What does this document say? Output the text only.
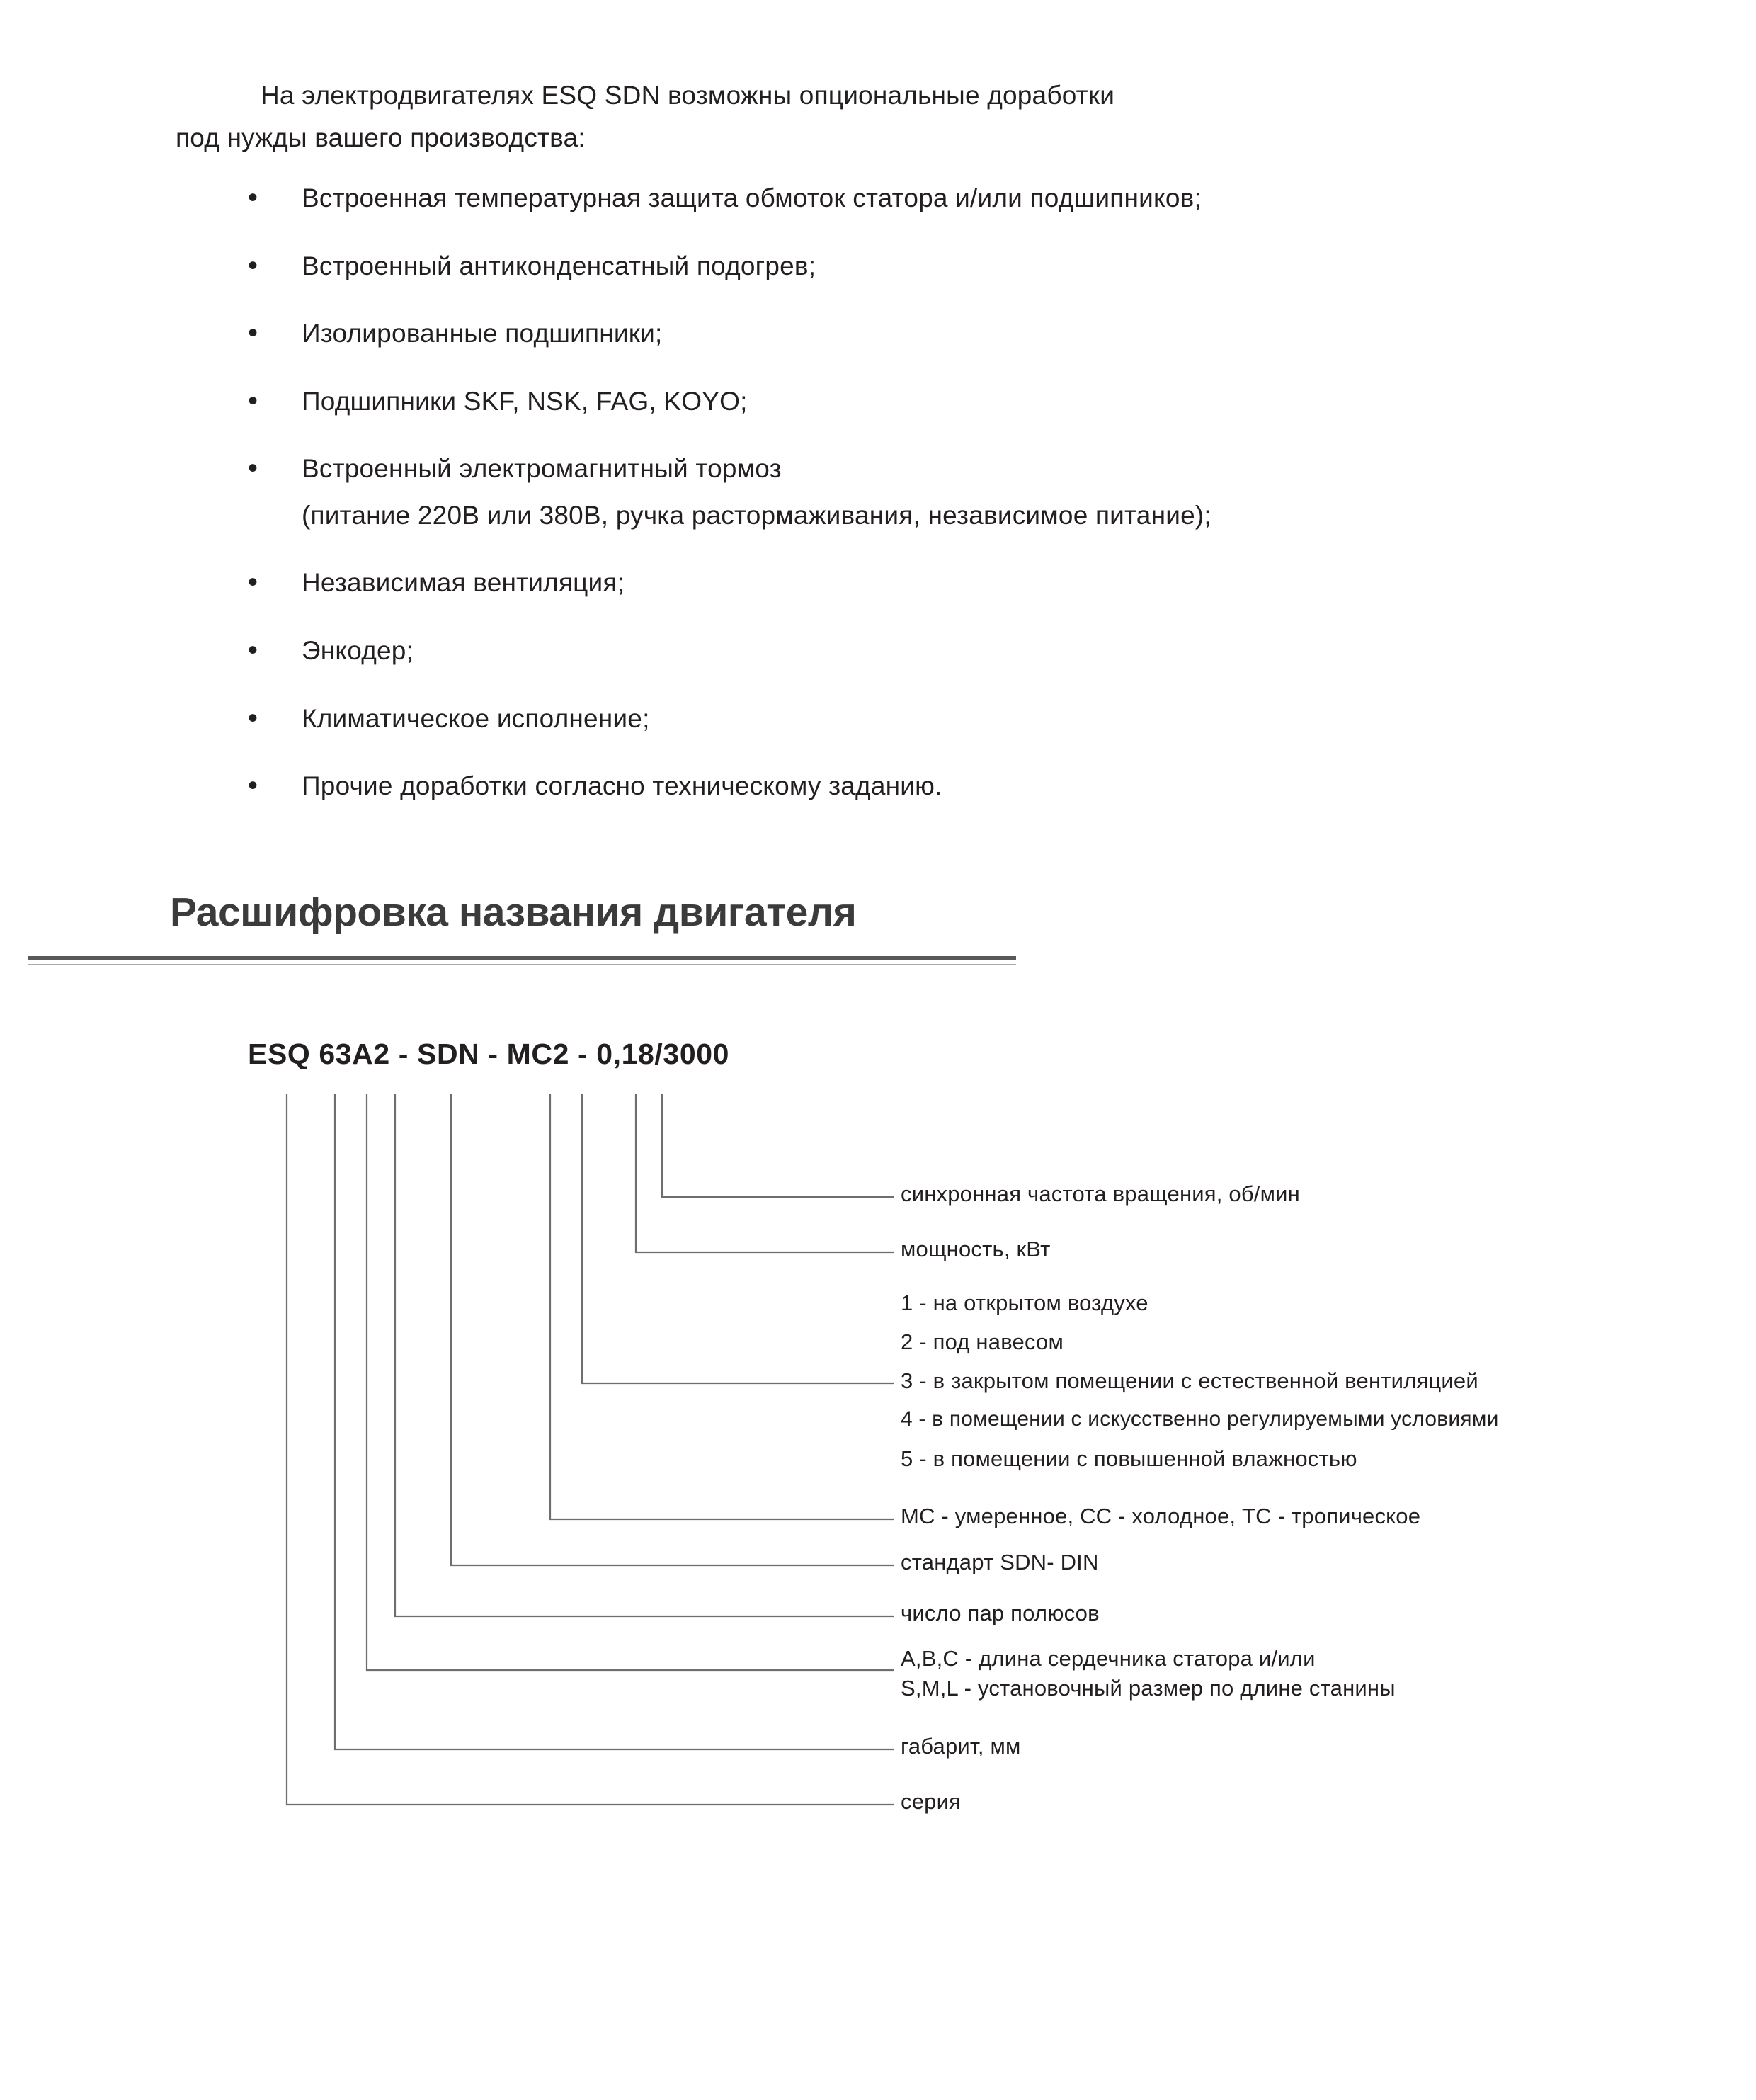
На электродвигателях ESQ SDN возможны опциональные доработки
под нужды вашего производства:
•	Встроенная температурная защита обмоток статора и/или подшипников;
•	Встроенный антиконденсатный подогрев;
•	Изолированные подшипники;
•	Подшипники SKF, NSK, FAG, KOYO;
•	Встроенный электромагнитный тормоз
(питание 220В или 380В, ручка растормаживания, независимое питание);
•	Независимая вентиляция;
•	Энкодер;
•	Климатическое исполнение;
•	Прочие доработки согласно техническому заданию.
Расшифровка названия двигателя
ESQ 63A2 - SDN - MC2 - 0,18/3000
синхронная частота вращения, об/мин
мощность, кВт
1 - на открытом воздухе
2 - под навесом
3 - в закрытом помещении с естественной вентиляцией
4 - в помещении с искусственно регулируемыми условиями
5 - в помещении с повышенной влажностью
MC - умеренное, CC - холодное, TC - тропическое
стандарт SDN- DIN
число пар полюсов
A,B,C - длина сердечника статора и/или
S,M,L - установочный размер по длине станины
габарит, мм
серия
